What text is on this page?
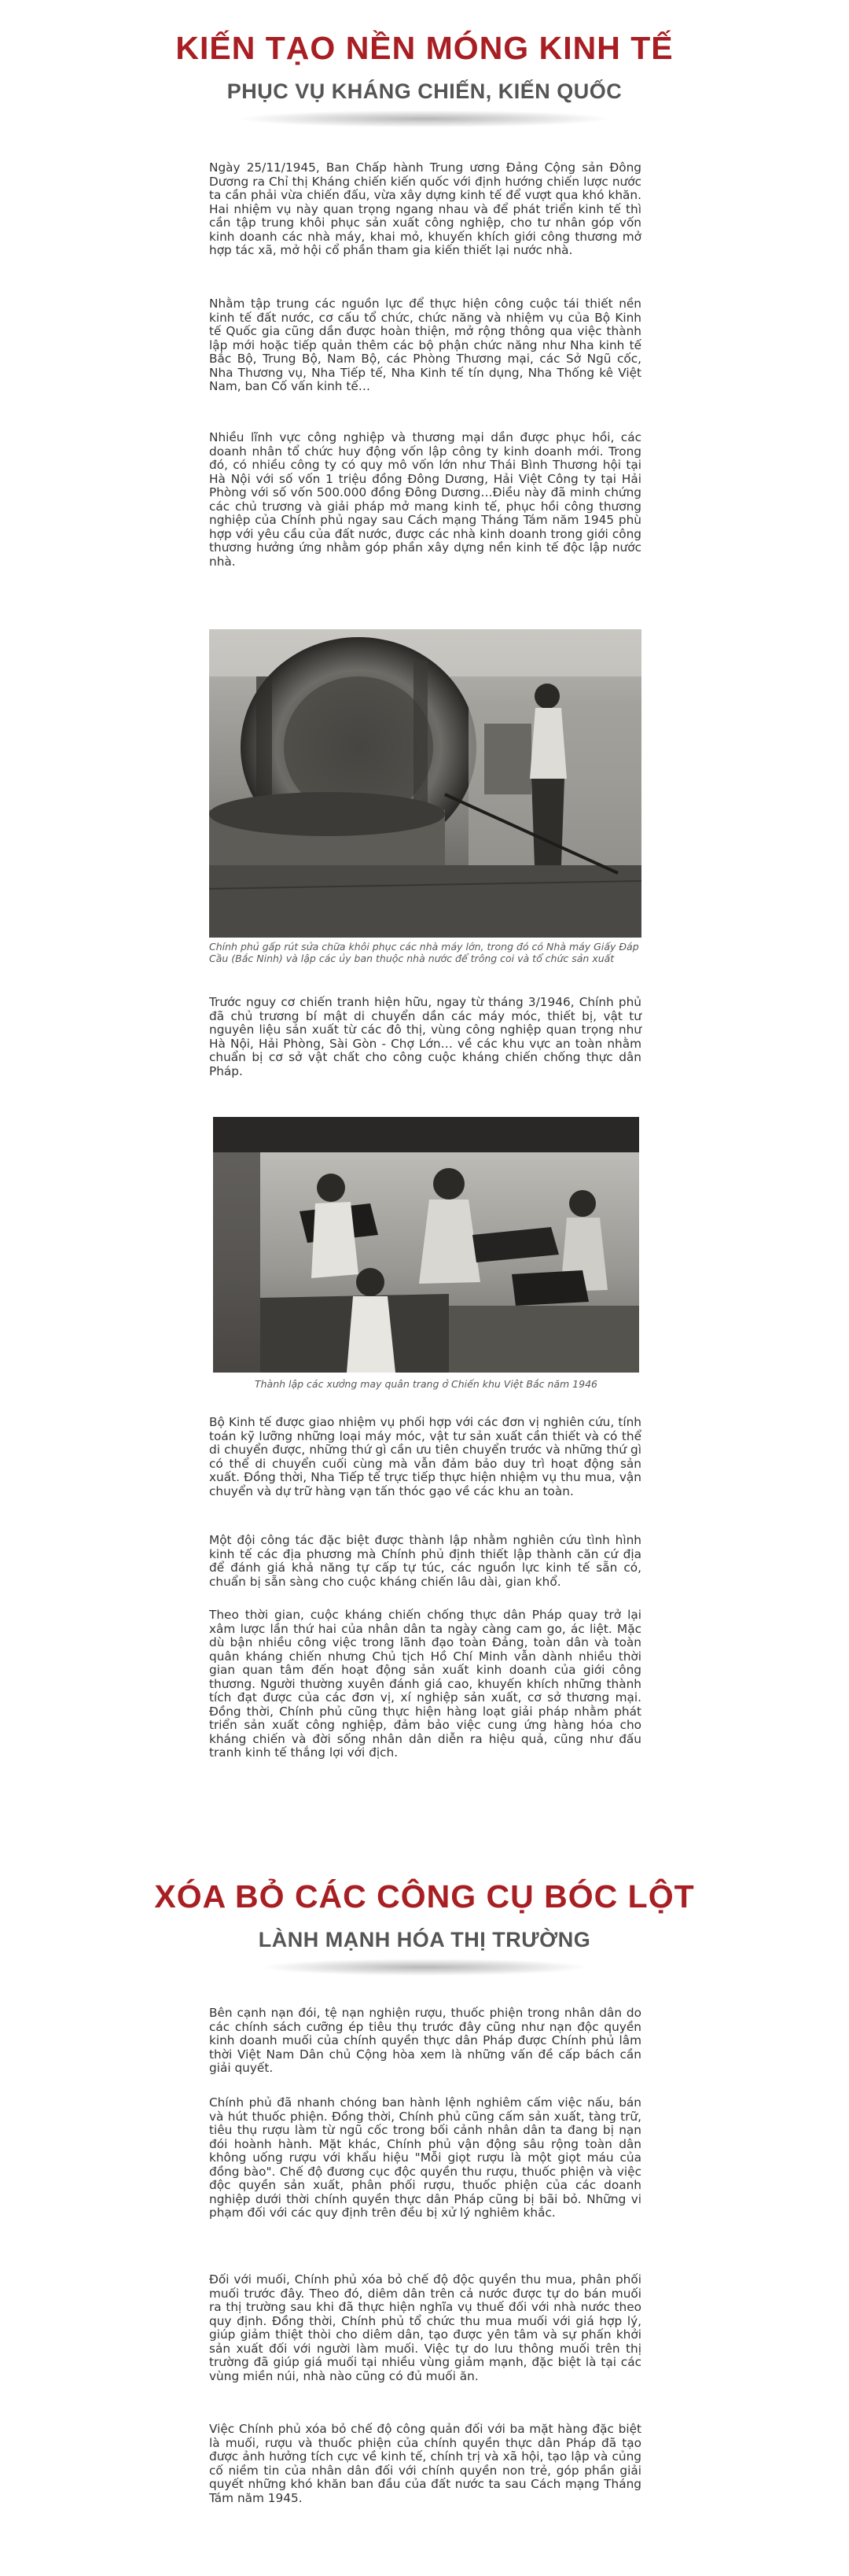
KIẾN TẠO NỀN MÓNG KINH TẾ
PHỤC VỤ KHÁNG CHIẾN, KIẾN QUỐC

Ngày 25/11/1945, Ban Chấp hành Trung ương Đảng Cộng sản Đông Dương ra Chỉ thị Kháng chiến kiến quốc với định hướng chiến lược nước ta cần phải vừa chiến đấu, vừa xây dựng kinh tế để vượt qua khó khăn. Hai nhiệm vụ này quan trọng ngang nhau và để phát triển kinh tế thì cần tập trung khôi phục sản xuất công nghiệp, cho tư nhân góp vốn kinh doanh các nhà máy, khai mỏ, khuyến khích giới công thương mở hợp tác xã, mở hội cổ phần tham gia kiến thiết lại nước nhà.

Nhằm tập trung các nguồn lực để thực hiện công cuộc tái thiết nền kinh tế đất nước, cơ cấu tổ chức, chức năng và nhiệm vụ của Bộ Kinh tế Quốc gia cũng dần được hoàn thiện, mở rộng thông qua việc thành lập mới hoặc tiếp quản thêm các bộ phận chức năng như Nha kinh tế Bắc Bộ, Trung Bộ, Nam Bộ, các Phòng Thương mại, các Sở Ngũ cốc, Nha Thương vụ, Nha Tiếp tế, Nha Kinh tế tín dụng, Nha Thống kê Việt Nam, ban Cố vấn kinh tế…

Nhiều lĩnh vực công nghiệp và thương mại dần được phục hồi, các doanh nhân tổ chức huy động vốn lập công ty kinh doanh mới. Trong đó, có nhiều công ty có quy mô vốn lớn như Thái Bình Thương hội tại Hà Nội với số vốn 1 triệu đồng Đông Dương, Hải Việt Công ty tại Hải Phòng với số vốn 500.000 đồng Đông Dương…Điều này đã minh chứng các chủ trương và giải pháp mở mang kinh tế, phục hồi công thương nghiệp của Chính phủ ngay sau Cách mạng Tháng Tám năm 1945 phù hợp với yêu cầu của đất nước, được các nhà kinh doanh trong giới công thương hưởng ứng nhằm góp phần xây dựng nền kinh tế độc lập nước nhà.

Chính phủ gấp rút sửa chữa khôi phục các nhà máy lớn, trong đó có Nhà máy Giấy Đáp Cầu (Bắc Ninh) và lập các ủy ban thuộc nhà nước để trông coi và tổ chức sản xuất

Trước nguy cơ chiến tranh hiện hữu, ngay từ tháng 3/1946, Chính phủ đã chủ trương bí mật di chuyển dần các máy móc, thiết bị, vật tư nguyên liệu sản xuất từ các đô thị, vùng công nghiệp quan trọng như Hà Nội, Hải Phòng, Sài Gòn - Chợ Lớn… về các khu vực an toàn nhằm chuẩn bị cơ sở vật chất cho công cuộc kháng chiến chống thực dân Pháp.

Thành lập các xưởng may quân trang ở Chiến khu Việt Bắc năm 1946

Bộ Kinh tế được giao nhiệm vụ phối hợp với các đơn vị nghiên cứu, tính toán kỹ lưỡng những loại máy móc, vật tư sản xuất cần thiết và có thể di chuyển được, những thứ gì cần ưu tiên chuyển trước và những thứ gì có thể di chuyển cuối cùng mà vẫn đảm bảo duy trì hoạt động sản xuất. Đồng thời, Nha Tiếp tế trực tiếp thực hiện nhiệm vụ thu mua, vận chuyển và dự trữ hàng vạn tấn thóc gạo về các khu an toàn.

Một đội công tác đặc biệt được thành lập nhằm nghiên cứu tình hình kinh tế các địa phương mà Chính phủ định thiết lập thành căn cứ địa để đánh giá khả năng tự cấp tự túc, các nguồn lực kinh tế sẵn có, chuẩn bị sẵn sàng cho cuộc kháng chiến lâu dài, gian khổ.

Theo thời gian, cuộc kháng chiến chống thực dân Pháp quay trở lại xâm lược lần thứ hai của nhân dân ta ngày càng cam go, ác liệt. Mặc dù bận nhiều công việc trong lãnh đạo toàn Đảng, toàn dân và toàn quân kháng chiến nhưng Chủ tịch Hồ Chí Minh vẫn dành nhiều thời gian quan tâm đến hoạt động sản xuất kinh doanh của giới công thương. Người thường xuyên đánh giá cao, khuyến khích những thành tích đạt được của các đơn vị, xí nghiệp sản xuất, cơ sở thương mại. Đồng thời, Chính phủ cũng thực hiện hàng loạt giải pháp nhằm phát triển sản xuất công nghiệp, đảm bảo việc cung ứng hàng hóa cho kháng chiến và đời sống nhân dân diễn ra hiệu quả, cũng như đấu tranh kinh tế thắng lợi với địch.

XÓA BỎ CÁC CÔNG CỤ BÓC LỘT
LÀNH MẠNH HÓA THỊ TRƯỜNG

Bên cạnh nạn đói, tệ nạn nghiện rượu, thuốc phiện trong nhân dân do các chính sách cưỡng ép tiêu thụ trước đây cũng như nạn độc quyền kinh doanh muối của chính quyền thực dân Pháp được Chính phủ lâm thời Việt Nam Dân chủ Cộng hòa xem là những vấn đề cấp bách cần giải quyết.

Chính phủ đã nhanh chóng ban hành lệnh nghiêm cấm việc nấu, bán và hút thuốc phiện. Đồng thời, Chính phủ cũng cấm sản xuất, tàng trữ, tiêu thụ rượu làm từ ngũ cốc trong bối cảnh nhân dân ta đang bị nạn đói hoành hành. Mặt khác, Chính phủ vận động sâu rộng toàn dân không uống rượu với khẩu hiệu "Mỗi giọt rượu là một giọt máu của đồng bào". Chế độ đương cục độc quyền thu rượu, thuốc phiện và việc độc quyền sản xuất, phân phối rượu, thuốc phiện của các doanh nghiệp dưới thời chính quyền thực dân Pháp cũng bị bãi bỏ. Những vi phạm đối với các quy định trên đều bị xử lý nghiêm khắc.

Đối với muối, Chính phủ xóa bỏ chế độ độc quyền thu mua, phân phối muối trước đây. Theo đó, diêm dân trên cả nước được tự do bán muối ra thị trường sau khi đã thực hiện nghĩa vụ thuế đối với nhà nước theo quy định. Đồng thời, Chính phủ tổ chức thu mua muối với giá hợp lý, giúp giảm thiệt thòi cho diêm dân, tạo được yên tâm và sự phấn khởi sản xuất đối với người làm muối. Việc tự do lưu thông muối trên thị trường đã giúp giá muối tại nhiều vùng giảm mạnh, đặc biệt là tại các vùng miền núi, nhà nào cũng có đủ muối ăn.

Việc Chính phủ xóa bỏ chế độ công quản đối với ba mặt hàng đặc biệt là muối, rượu và thuốc phiện của chính quyền thực dân Pháp đã tạo được ảnh hưởng tích cực về kinh tế, chính trị và xã hội, tạo lập và củng cố niềm tin của nhân dân đối với chính quyền non trẻ, góp phần giải quyết những khó khăn ban đầu của đất nước ta sau Cách mạng Tháng Tám năm 1945.
